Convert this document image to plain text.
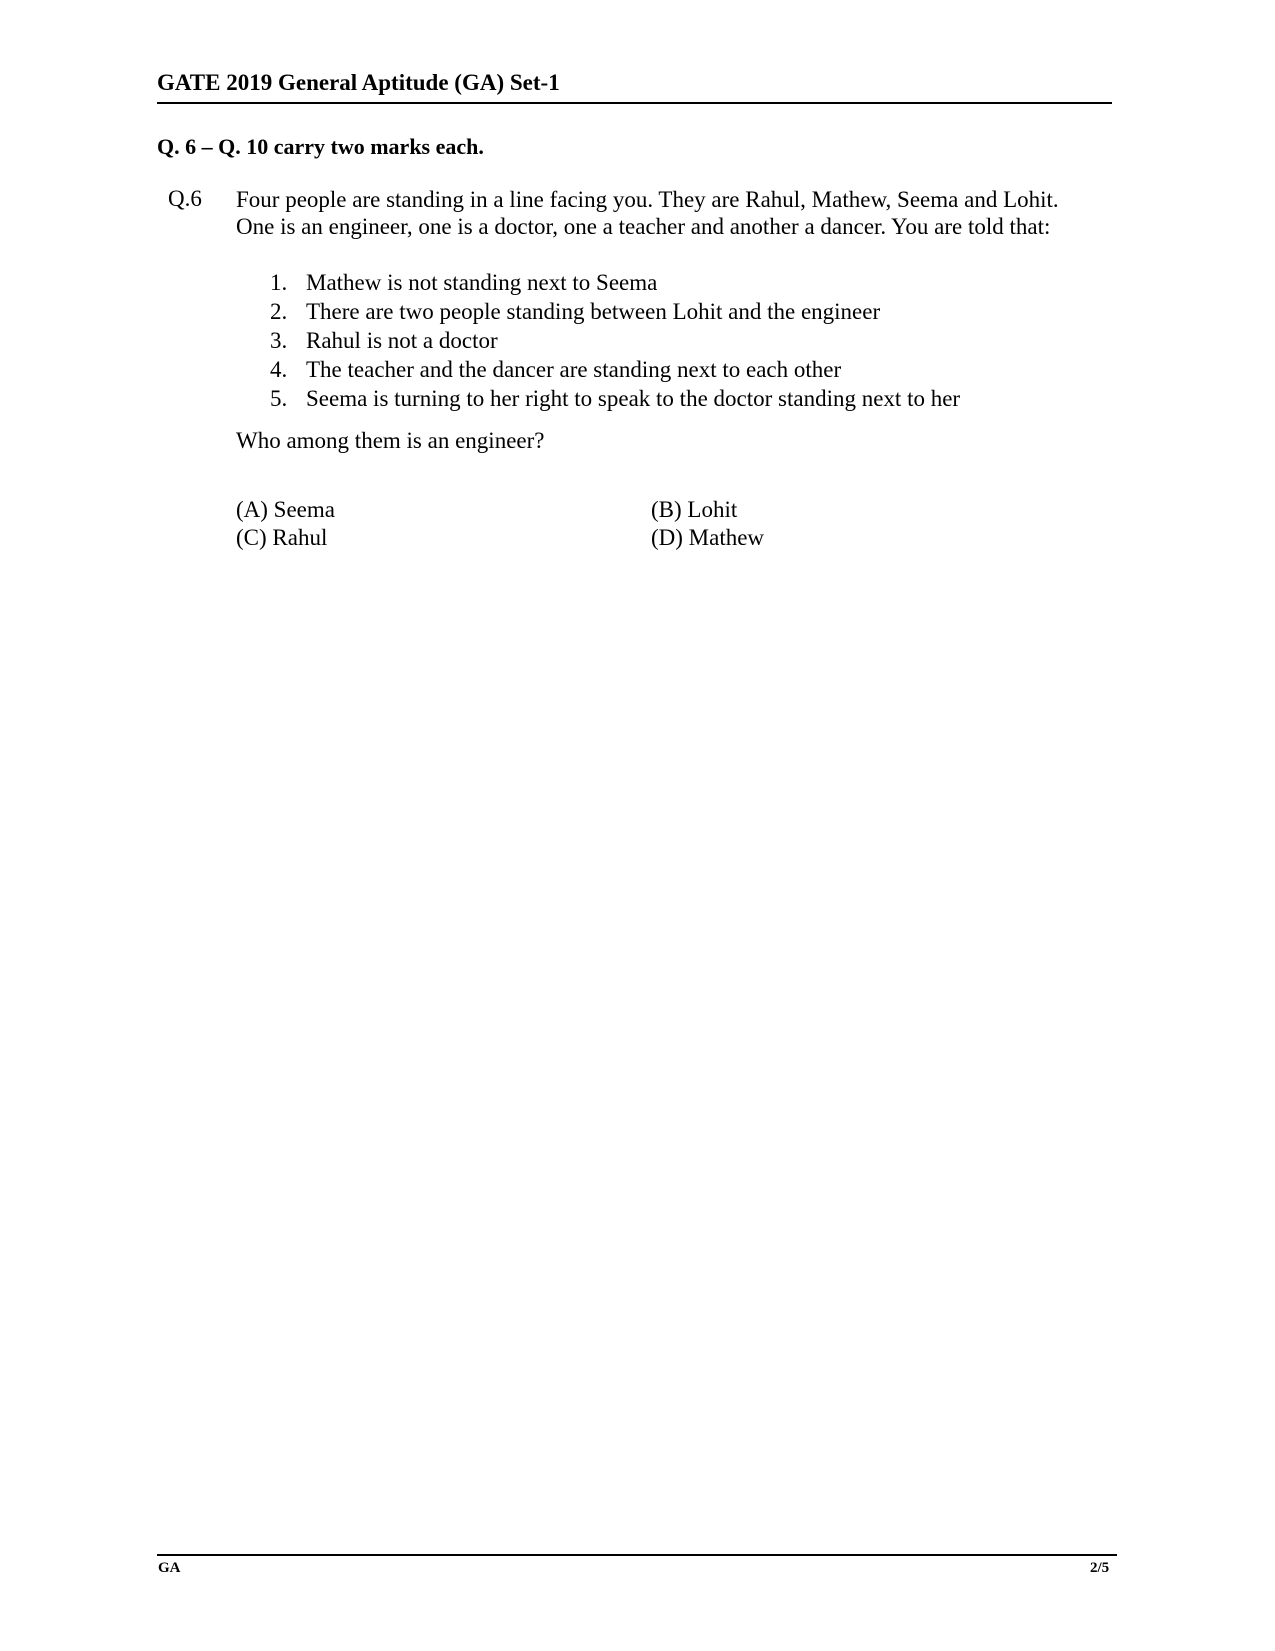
GATE 2019 General Aptitude (GA) Set-1
Q. 6 – Q. 10 carry two marks each.
Q.6 Four people are standing in a line facing you. They are Rahul, Mathew, Seema and Lohit.
One is an engineer, one is a doctor, one a teacher and another a dancer. You are told that:
1. Mathew is not standing next to Seema
2. There are two people standing between Lohit and the engineer
3. Rahul is not a doctor
4. The teacher and the dancer are standing next to each other
5. Seema is turning to her right to speak to the doctor standing next to her
Who among them is an engineer?
(A) Seema	(B) Lohit
(C) Rahul	(D) Mathew
GA	2/5
